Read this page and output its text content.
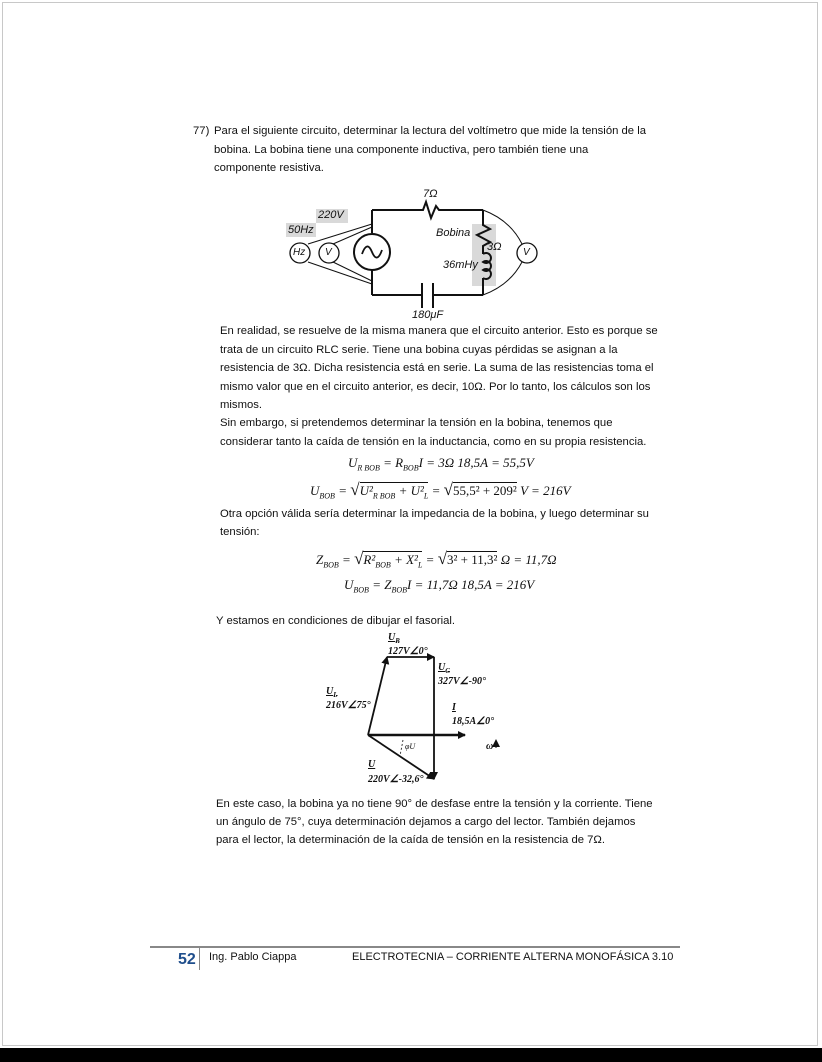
77) Para el siguiente circuito, determinar la lectura del voltímetro que mide la tensión de la
bobina. La bobina tiene una componente inductiva, pero también tiene una
componente resistiva.
7Ω
220V
50Hz
Hz V	V
Bobina
3Ω
36mHy
180μF
En realidad, se resuelve de la misma manera que el circuito anterior. Esto es porque se
trata de un circuito RLC serie. Tiene una bobina cuyas pérdidas se asignan a la
resistencia de 3Ω. Dicha resistencia está en serie. La suma de las resistencias toma el
mismo valor que en el circuito anterior, es decir, 10Ω. Por lo tanto, los cálculos son los
mismos.
Sin embargo, si pretendemos determinar la tensión en la bobina, tenemos que
considerar tanto la caída de tensión en la inductancia, como en su propia resistencia.
$U_{R BOB} = R_{BOB}I = 3\Omega$ 18,5A = 55,5V
$U_{BOB} = √U^2_{R BOB} + U^2_L = √55,5^2 + 209^2$ V = 216V
Otra opción válida sería determinar la impedancia de la bobina, y luego determinar su
tensión:
$Z_{BOB} = √R^2_{BOB} + X^2_L = √3^2 + 11,3^2$ Ω = 11,7Ω
$U_{BOB} = Z_{BOB}I = 11,7\Omega$ 18,5A = 216V
Y estamos en condiciones de dibujar el fasorial.
$U_R$
127V∠0°
$U_C$
327V∠-90°
$U_L$
216V∠75°	I
18,5A∠0°
φU	ω
U
220V∠-32,6°
En este caso, la bobina ya no tiene 90° de desfase entre la tensión y la corriente. Tiene
un ángulo de 75°, cuya determinación dejamos a cargo del lector. También dejamos
para el lector, la determinación de la caída de tensión en la resistencia de 7Ω.
52 Ing. Pablo Ciappa	ELECTROTECNIA – CORRIENTE ALTERNA MONOFÁSICA 3.10
